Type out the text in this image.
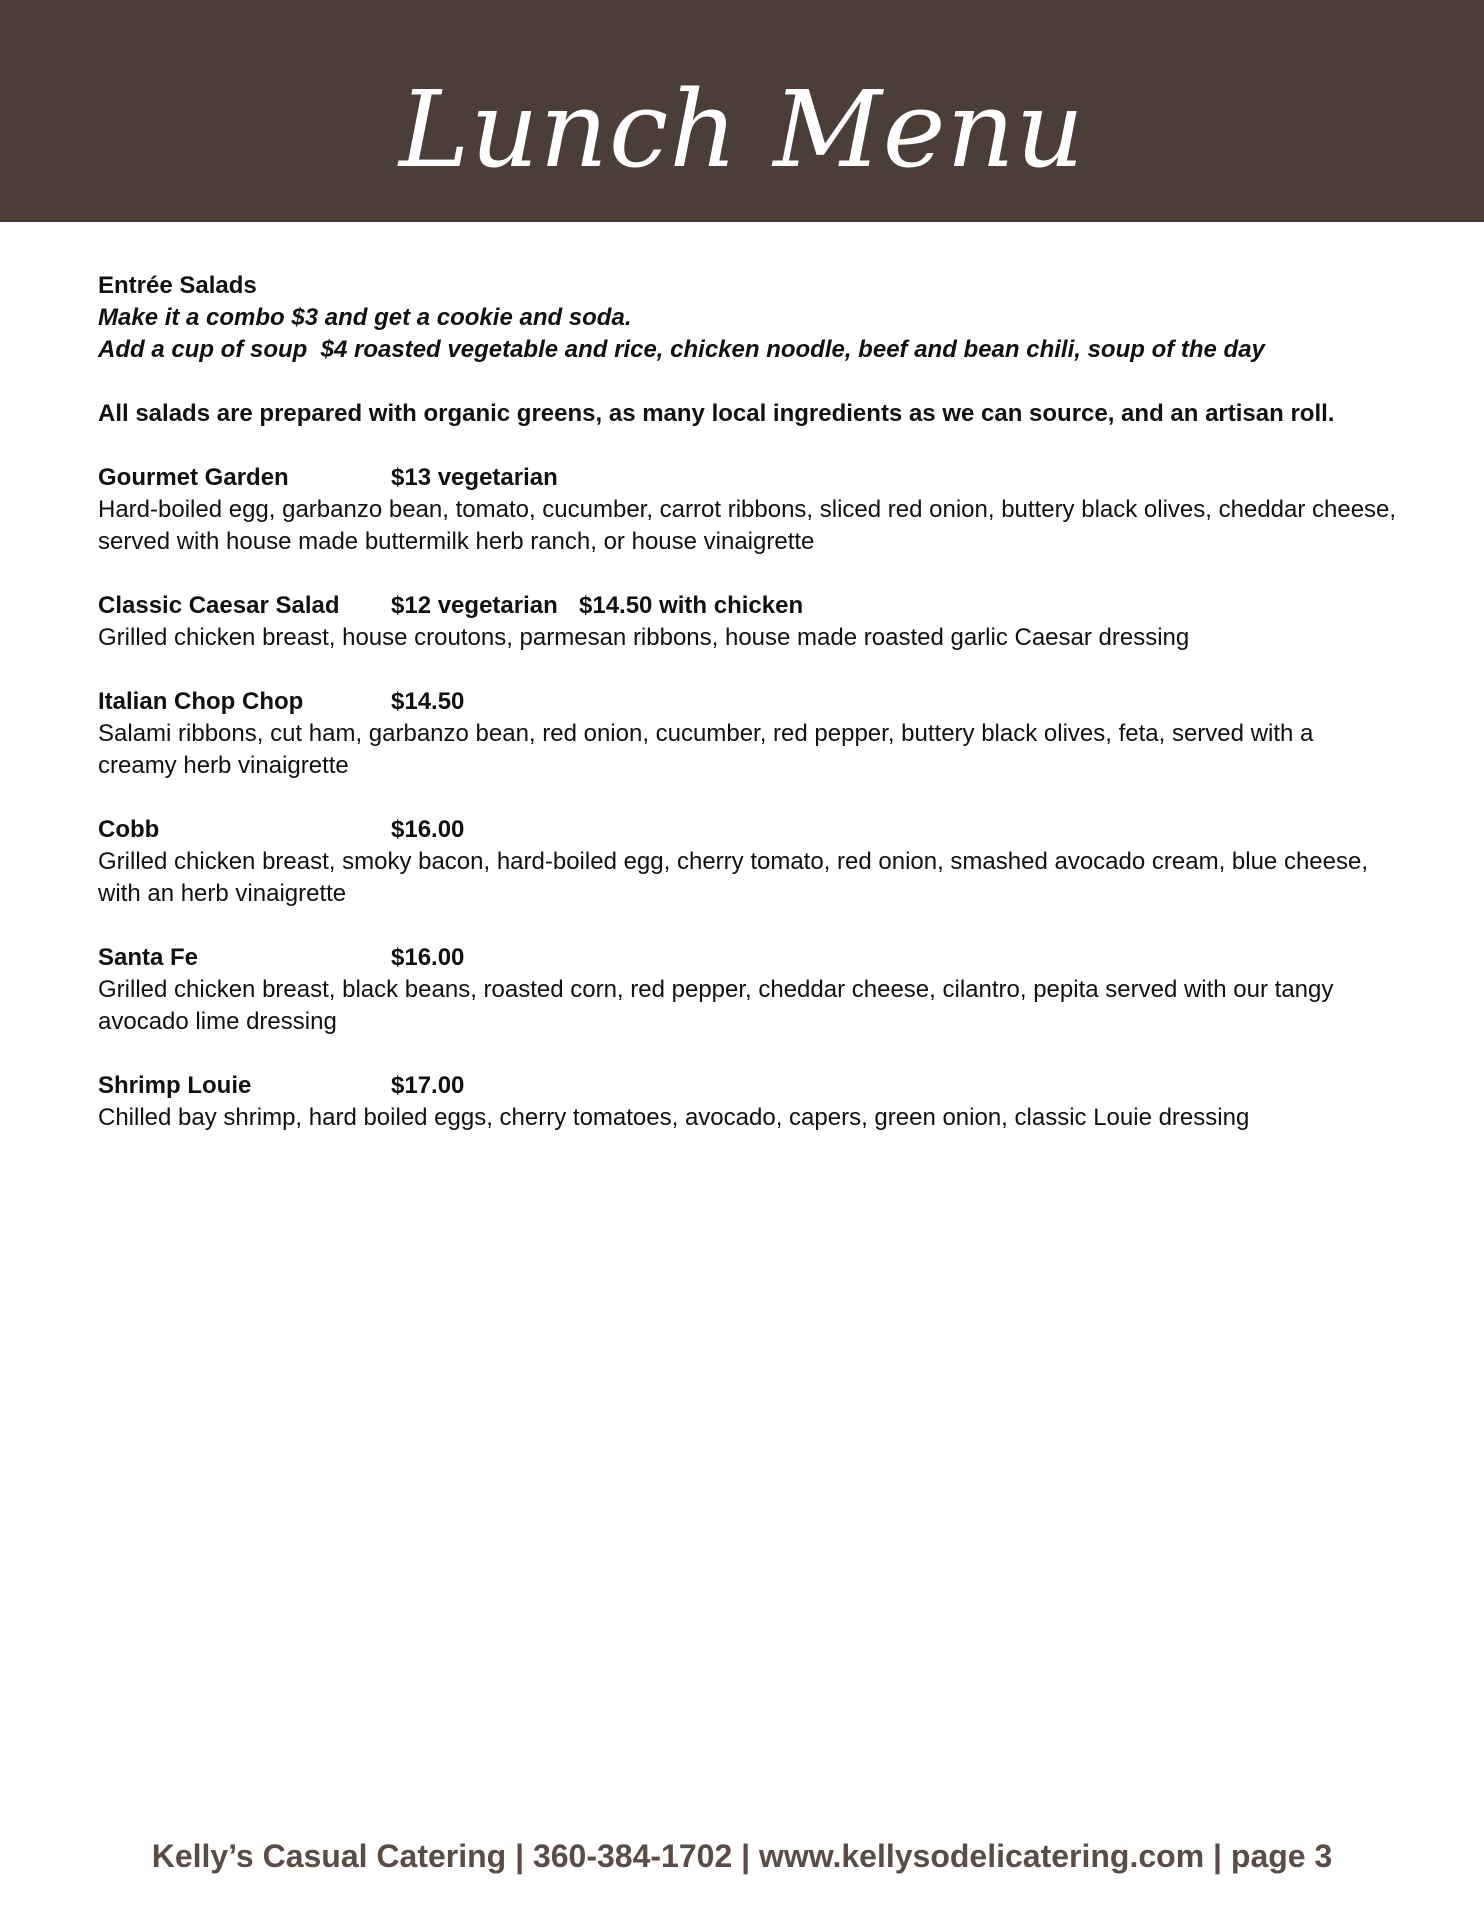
Lunch Menu

Entrée Salads

Make it a combo $3 and get a cookie and soda.

Add a cup of soup  $4 roasted vegetable and rice, chicken noodle, beef and bean chili, soup of the day

All salads are prepared with organic greens, as many local ingredients as we can source, and an artisan roll.

Gourmet Garden	$13 vegetarian

Hard-boiled egg, garbanzo bean, tomato, cucumber, carrot ribbons, sliced red onion, buttery black olives, cheddar cheese, served with house made buttermilk herb ranch, or house vinaigrette

Classic Caesar Salad $12 vegetarian $14.50 with chicken

Grilled chicken breast, house croutons, parmesan ribbons, house made roasted garlic Caesar dressing

Italian Chop Chop	$14.50

Salami ribbons, cut ham, garbanzo bean, red onion, cucumber, red pepper, buttery black olives, feta, served with a creamy herb vinaigrette

Cobb	$16.00

Grilled chicken breast, smoky bacon, hard-boiled egg, cherry tomato, red onion, smashed avocado cream, blue cheese, with an herb vinaigrette

Santa Fe	$16.00

Grilled chicken breast, black beans, roasted corn, red pepper, cheddar cheese, cilantro, pepita served with our tangy avocado lime dressing

Shrimp Louie	$17.00

Chilled bay shrimp, hard boiled eggs, cherry tomatoes, avocado, capers, green onion, classic Louie dressing

Kelly’s Casual Catering | 360-384-1702 | www.kellysodelicatering.com | page 3
